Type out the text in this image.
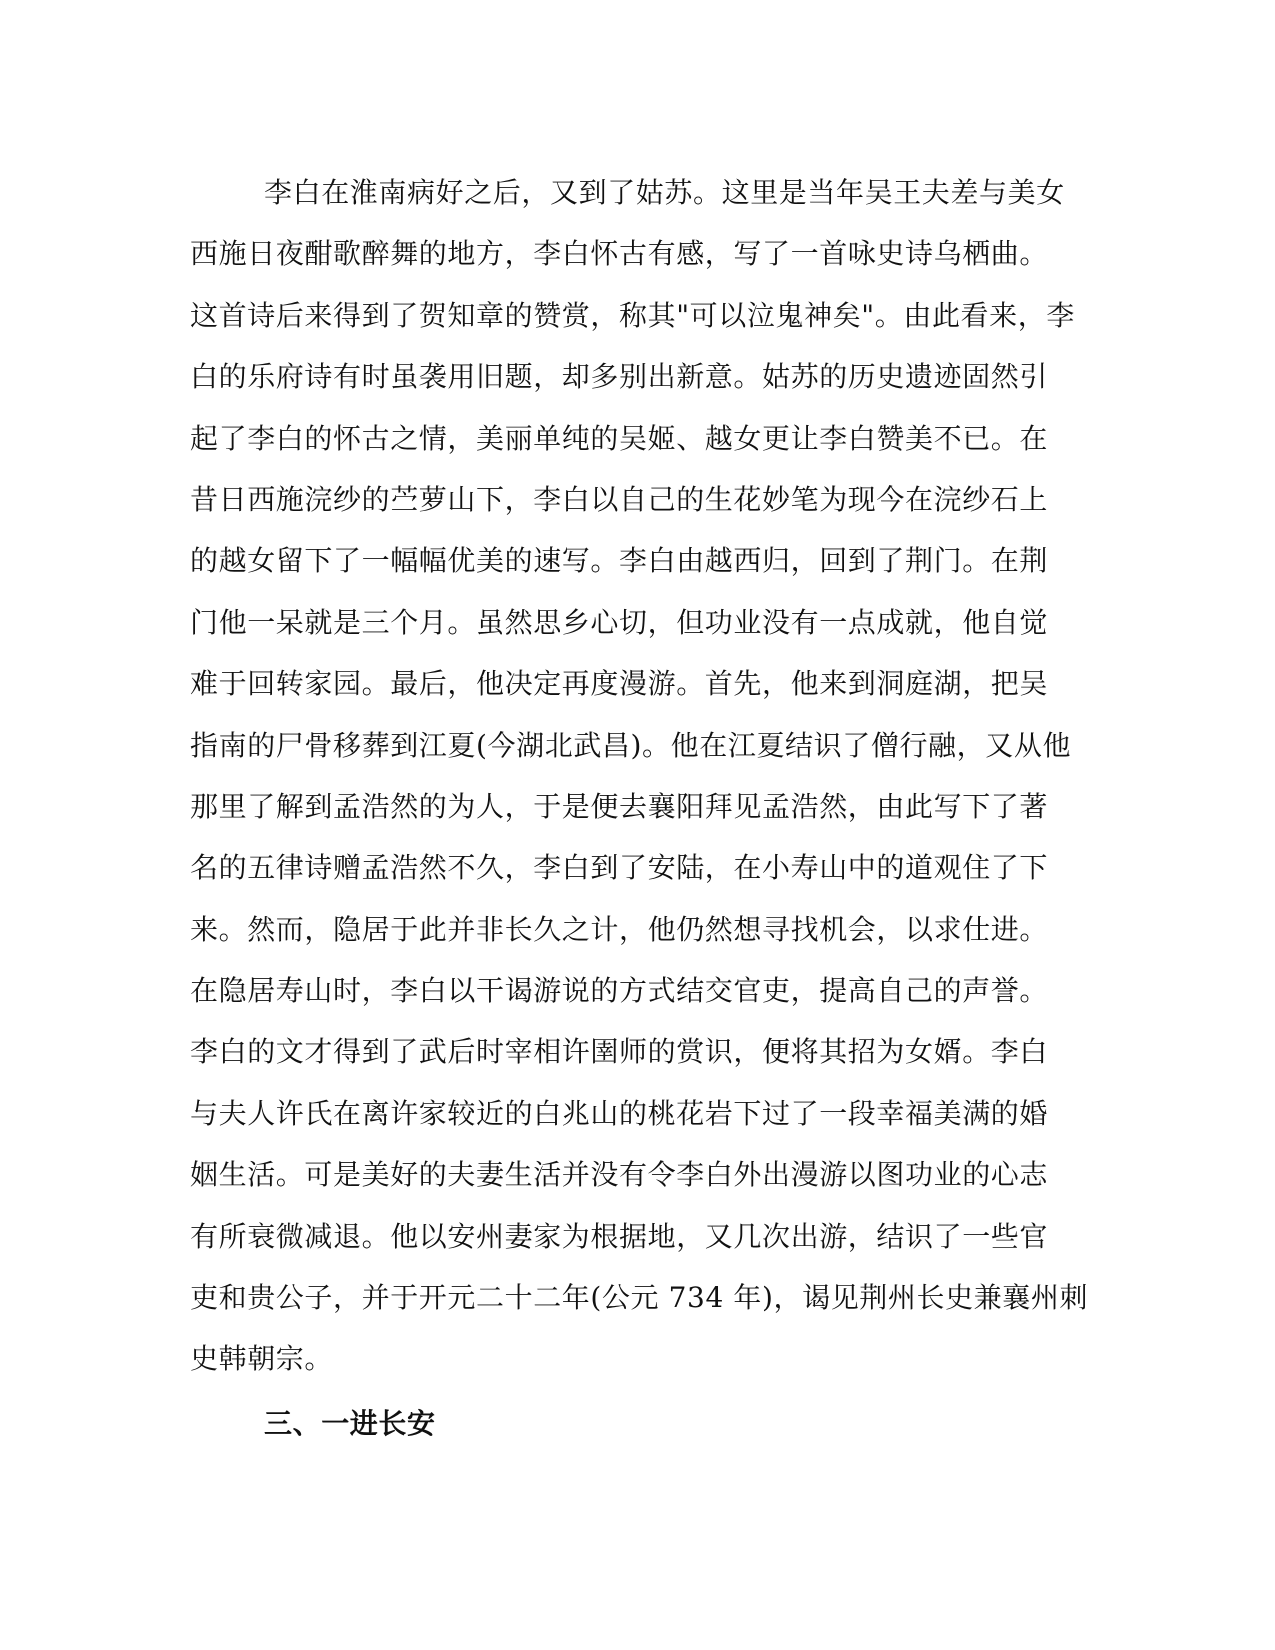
李白在淮南病好之后，又到了姑苏。这里是当年吴王夫差与美女
西施日夜酣歌醉舞的地方，李白怀古有感，写了一首咏史诗乌栖曲。
这首诗后来得到了贺知章的赞赏，称其"可以泣鬼神矣"。由此看来，李
白的乐府诗有时虽袭用旧题，却多别出新意。姑苏的历史遗迹固然引
起了李白的怀古之情，美丽单纯的吴姬、越女更让李白赞美不已。在
昔日西施浣纱的苎萝山下，李白以自己的生花妙笔为现今在浣纱石上
的越女留下了一幅幅优美的速写。李白由越西归，回到了荆门。在荆
门他一呆就是三个月。虽然思乡心切，但功业没有一点成就，他自觉
难于回转家园。最后，他决定再度漫游。首先，他来到洞庭湖，把吴
指南的尸骨移葬到江夏(今湖北武昌)。他在江夏结识了僧行融，又从他
那里了解到孟浩然的为人，于是便去襄阳拜见孟浩然，由此写下了著
名的五律诗赠孟浩然不久，李白到了安陆，在小寿山中的道观住了下
来。然而，隐居于此并非长久之计，他仍然想寻找机会，以求仕进。
在隐居寿山时，李白以干谒游说的方式结交官吏，提高自己的声誉。
李白的文才得到了武后时宰相许圉师的赏识，便将其招为女婿。李白
与夫人许氏在离许家较近的白兆山的桃花岩下过了一段幸福美满的婚
姻生活。可是美好的夫妻生活并没有令李白外出漫游以图功业的心志
有所衰微减退。他以安州妻家为根据地，又几次出游，结识了一些官
吏和贵公子，并于开元二十二年(公元 734 年)，谒见荆州长史兼襄州刺
史韩朝宗。
三、一进长安
